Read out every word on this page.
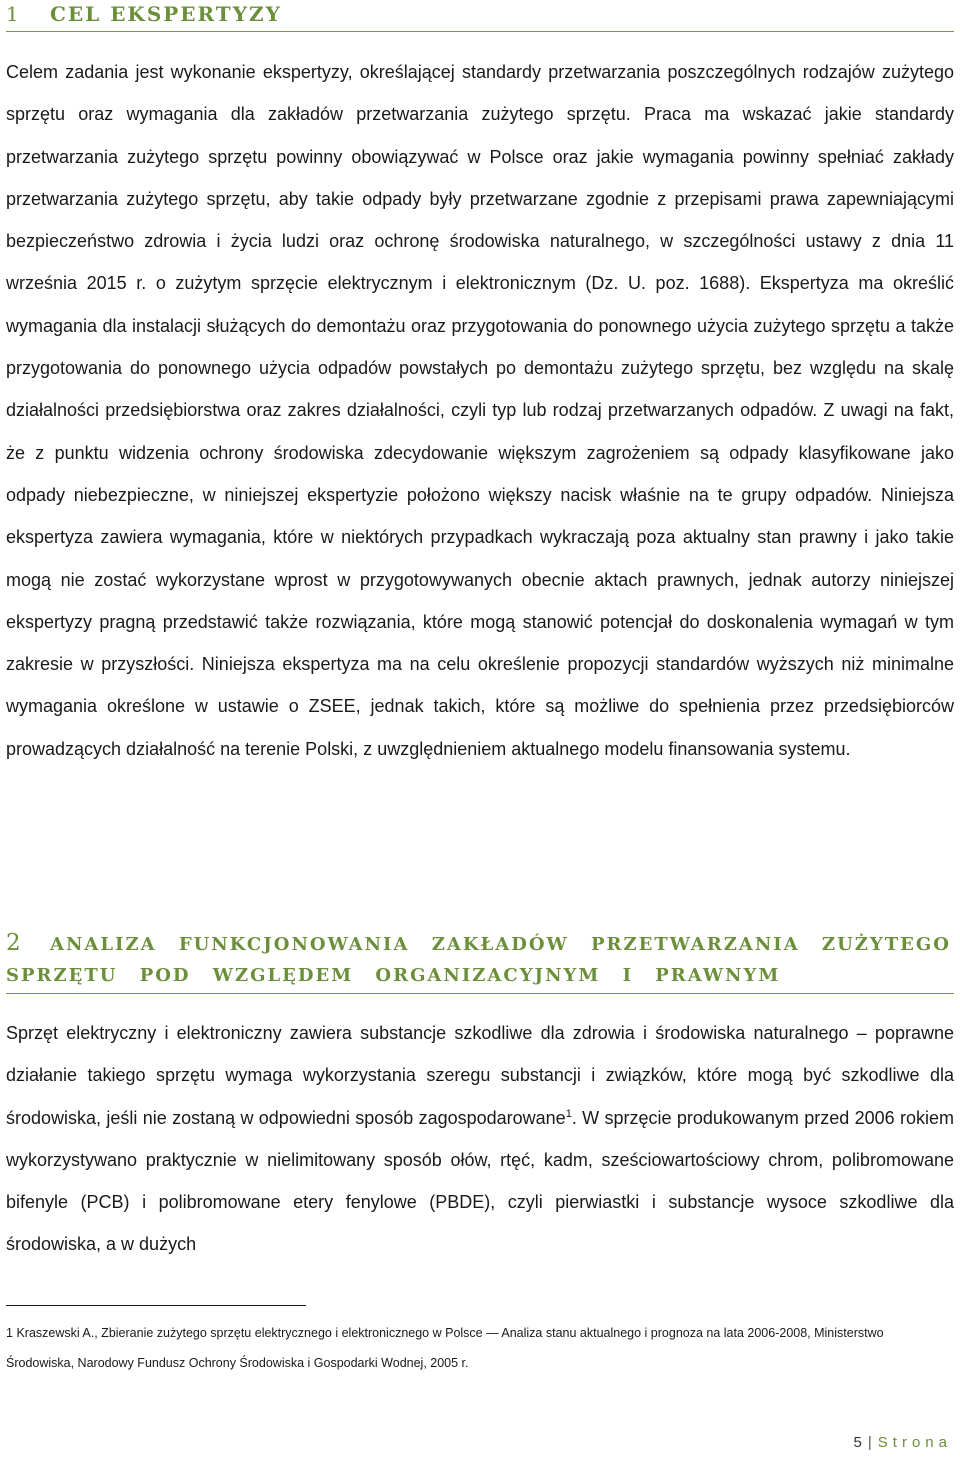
1 CEL EKSPERTYZY

Celem zadania jest wykonanie ekspertyzy, określającej standardy przetwarzania poszczególnych rodzajów zużytego sprzętu oraz wymagania dla zakładów przetwarzania zużytego sprzętu. Praca ma wskazać jakie standardy przetwarzania zużytego sprzętu powinny obowiązywać w Polsce oraz jakie wymagania powinny spełniać zakłady przetwarzania zużytego sprzętu, aby takie odpady były przetwarzane zgodnie z przepisami prawa zapewniającymi bezpieczeństwo zdrowia i życia ludzi oraz ochronę środowiska naturalnego, w szczególności ustawy z dnia 11 września 2015 r. o zużytym sprzęcie elektrycznym i elektronicznym (Dz. U. poz. 1688). Ekspertyza ma określić wymagania dla instalacji służących do demontażu oraz przygotowania do ponownego użycia zużytego sprzętu a także przygotowania do ponownego użycia odpadów powstałych po demontażu zużytego sprzętu, bez względu na skalę działalności przedsiębiorstwa oraz zakres działalności, czyli typ lub rodzaj przetwarzanych odpadów. Z uwagi na fakt, że z punktu widzenia ochrony środowiska zdecydowanie większym zagrożeniem są odpady klasyfikowane jako odpady niebezpieczne, w niniejszej ekspertyzie położono większy nacisk właśnie na te grupy odpadów. Niniejsza ekspertyza zawiera wymagania, które w niektórych przypadkach wykraczają poza aktualny stan prawny i jako takie mogą nie zostać wykorzystane wprost w przygotowywanych obecnie aktach prawnych, jednak autorzy niniejszej ekspertyzy pragną przedstawić także rozwiązania, które mogą stanowić potencjał do doskonalenia wymagań w tym zakresie w przyszłości. Niniejsza ekspertyza ma na celu określenie propozycji standardów wyższych niż minimalne wymagania określone w ustawie o ZSEE, jednak takich, które są możliwe do spełnienia przez przedsiębiorców prowadzących działalność na terenie Polski, z uwzględnieniem aktualnego modelu finansowania systemu.

2 ANALIZA FUNKCJONOWANIA ZAKŁADÓW PRZETWARZANIA ZUŻYTEGO SPRZĘTU POD WZGLĘDEM ORGANIZACYJNYM I PRAWNYM

Sprzęt elektryczny i elektroniczny zawiera substancje szkodliwe dla zdrowia i środowiska naturalnego – poprawne działanie takiego sprzętu wymaga wykorzystania szeregu substancji i związków, które mogą być szkodliwe dla środowiska, jeśli nie zostaną w odpowiedni sposób zagospodarowane$^1$. W sprzęcie produkowanym przed 2006 rokiem wykorzystywano praktycznie w nielimitowany sposób ołów, rtęć, kadm, sześciowartościowy chrom, polibromowane bifenyle (PCB) i polibromowane etery fenylowe (PBDE), czyli pierwiastki i substancje wysoce szkodliwe dla środowiska, a w dużych

1 Kraszewski A., Zbieranie zużytego sprzętu elektrycznego i elektronicznego w Polsce — Analiza stanu aktualnego i prognoza na lata 2006-2008, Ministerstwo Środowiska, Narodowy Fundusz Ochrony Środowiska i Gospodarki Wodnej, 2005 r.

5 | Strona
